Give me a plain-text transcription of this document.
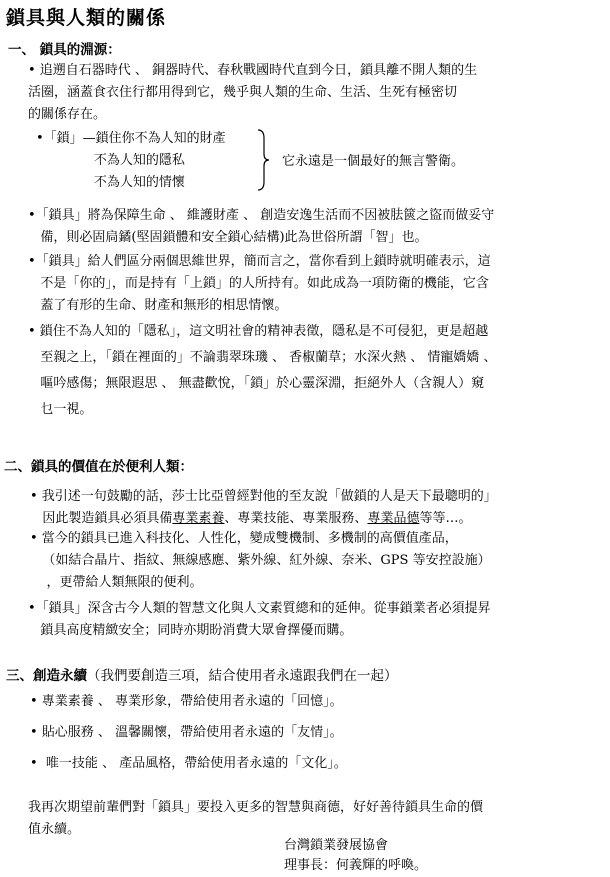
鎖具與人類的關係
一、 鎖具的淵源：
• 追遡自石器時代 、 銅器時代、春秋戰國時代直到今日，鎖具離不開人類的生
活圈，涵蓋食衣住行都用得到它，幾乎與人類的生命、生活、生死有極密切
的關係存在。
•「鎖」—鎖住你不為人知的財產
不為人知的隱私
不為人知的情懷
它永遠是一個最好的無言警衛。
•「鎖具」將為保障生命 、 維護財產 、 創造安逸生活而不因被胠篋之盜而做妥守
備，則必固扃鐍(堅固鎖體和安全鎖心結構)此為世俗所謂「智」也。
•「鎖具」給人們區分兩個思維世界，簡而言之，當你看到上鎖時就明確表示，這
不是「你的」，而是持有「上鎖」的人所持有。如此成為一項防衛的機能，它含
蓋了有形的生命、財產和無形的相思情懷。
• 鎖住不為人知的「隱私」，這文明社會的精神表徵，隱私是不可侵犯，更是超越
至親之上，「鎖在裡面的」不論翡翠珠璣 、 香椒蘭草；水深火熱 、 情寵嬌嬌 、
嘔吟感傷；無限遐思 、 無盡歡悅，「鎖」於心靈深淵，拒絕外人（含親人）窺
乜一視。
二、鎖具的價值在於便利人類：
• 我引述一句鼓勵的話，莎士比亞曾經對他的至友說「做鎖的人是天下最聰明的」
因此製造鎖具必須具備專業素養、專業技能、專業服務、專業品德等等…。
• 當今的鎖具已進入科技化、人性化，變成雙機制、多機制的高價值產品，
（如結合晶片、指紋、無線感應、紫外線、紅外線、奈米、GPS 等安控設施）
，更帶給人類無限的便利。
•「鎖具」深含古今人類的智慧文化與人文素質總和的延伸。從事鎖業者必須提昇
鎖具高度精緻安全；同時亦期盼消費大眾會擇優而購。
三、創造永續（我們要創造三項，結合使用者永遠跟我們在一起）
• 專業素養 、 專業形象，帶給使用者永遠的「回憶」。
• 貼心服務 、 溫馨關懷，帶給使用者永遠的「友情」。
•  唯一技能 、 產品風格，帶給使用者永遠的「文化」。
我再次期望前輩們對「鎖具」要投入更多的智慧與商德，好好善待鎖具生命的價
值永續。
台灣鎖業發展協會
理事長：何義輝的呼喚。
